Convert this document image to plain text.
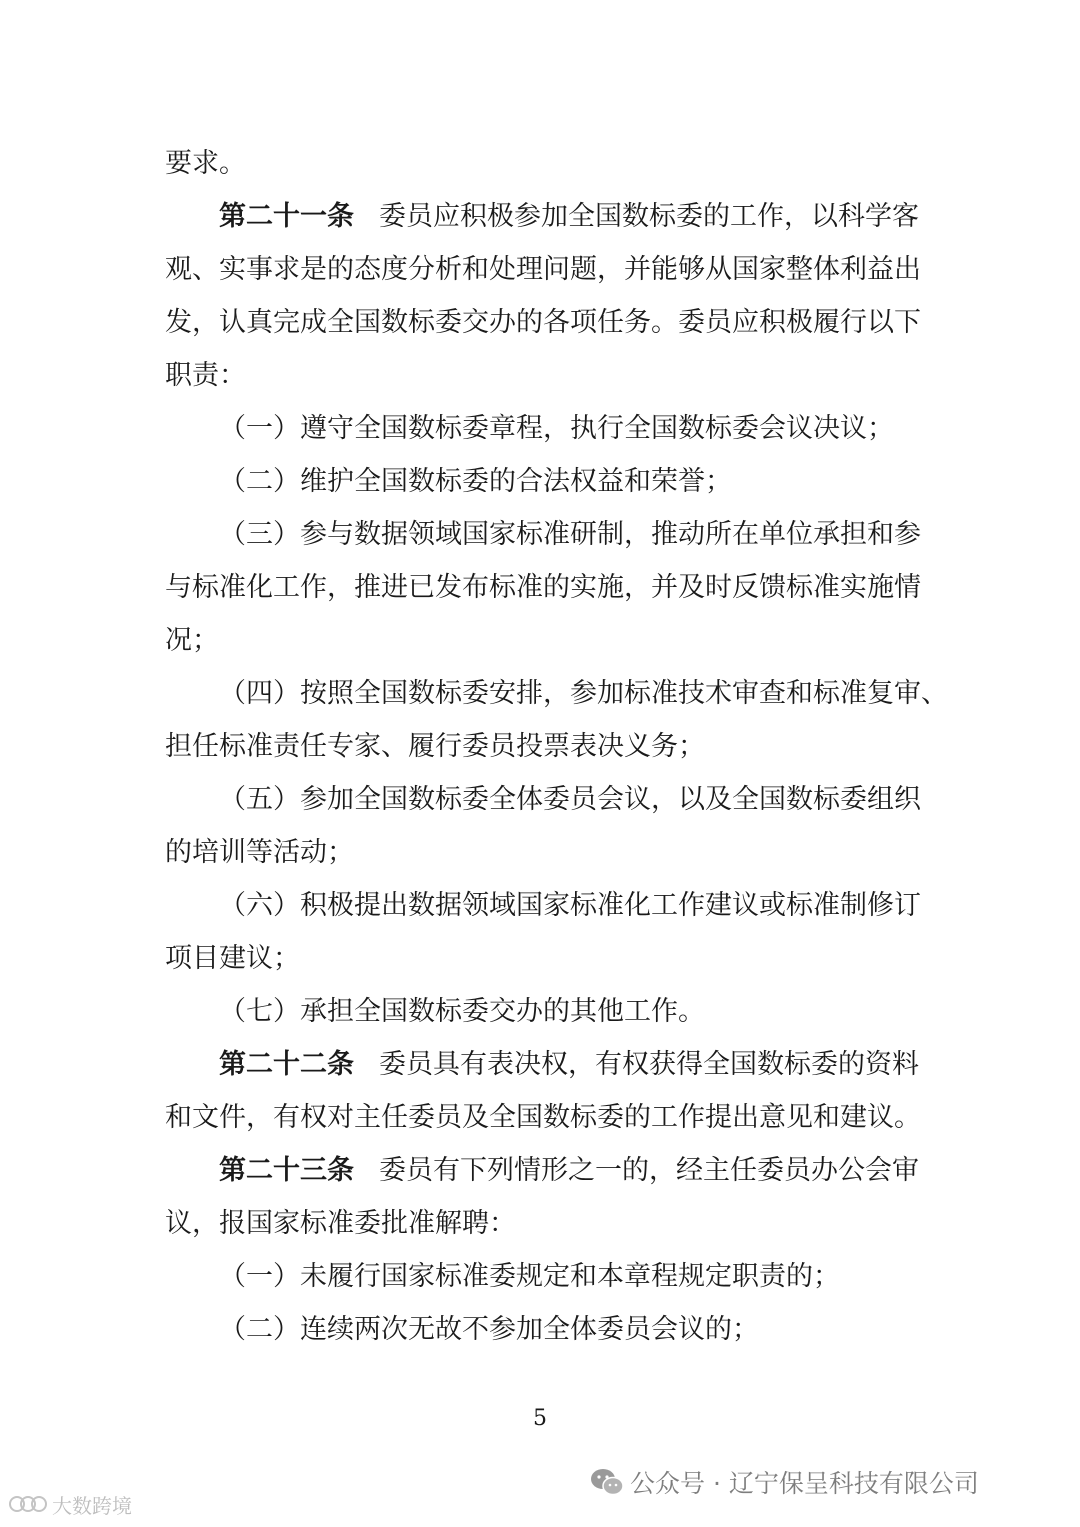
要求。

第二十一条

委员应积极参加全国数标委的工作，以科学客

观、实事求是的态度分析和处理问题，并能够从国家整体利益出

发，认真完成全国数标委交办的各项任务。委员应积极履行以下

职责：

（一）遵守全国数标委章程，执行全国数标委会议决议；

（二）维护全国数标委的合法权益和荣誉；

（三）参与数据领域国家标准研制，推动所在单位承担和参

与标准化工作，推进已发布标准的实施，并及时反馈标准实施情

况；

（四）按照全国数标委安排，参加标准技术审查和标准复审、

担任标准责任专家、履行委员投票表决义务；

（五）参加全国数标委全体委员会议，以及全国数标委组织

的培训等活动；

（六）积极提出数据领域国家标准化工作建议或标准制修订

项目建议；

（七）承担全国数标委交办的其他工作。

第二十二条

委员具有表决权，有权获得全国数标委的资料

和文件，有权对主任委员及全国数标委的工作提出意见和建议。

第二十三条

委员有下列情形之一的，经主任委员办公会审

议，报国家标准委批准解聘：

（一）未履行国家标准委规定和本章程规定职责的；

（二）连续两次无故不参加全体委员会议的；

5
公众号 · 辽宁保呈科技有限公司
大数跨境
